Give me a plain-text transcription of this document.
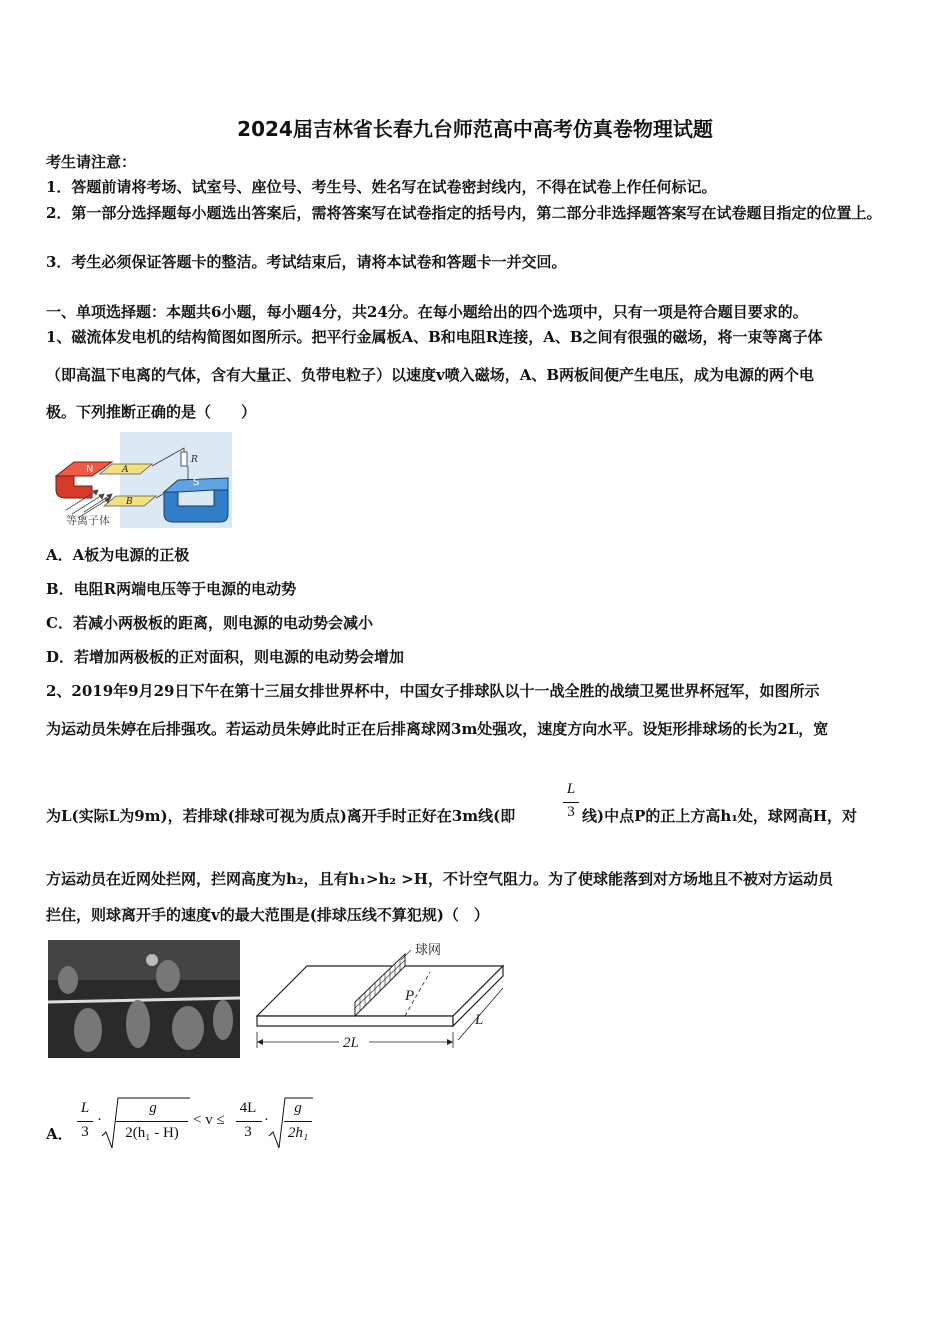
2024届吉林省长春九台师范高中高考仿真卷物理试题
考生请注意：
1．答题前请将考场、试室号、座位号、考生号、姓名写在试卷密封线内，不得在试卷上作任何标记。
2．第一部分选择题每小题选出答案后，需将答案写在试卷指定的括号内，第二部分非选择题答案写在试卷题目指定的位置上。
3．考生必须保证答题卡的整洁。考试结束后，请将本试卷和答题卡一并交回。
一、单项选择题：本题共6小题，每小题4分，共24分。在每小题给出的四个选项中，只有一项是符合题目要求的。
1、磁流体发电机的结构简图如图所示。把平行金属板A、B和电阻R连接，A、B之间有很强的磁场，将一束等离子体
（即高温下电离的气体，含有大量正、负带电粒子）以速度v喷入磁场，A、B两板间便产生电压，成为电源的两个电
极。下列推断正确的是（　　）
N	A
B
R
S
等离子体
A．A板为电源的正极
B．电阻R两端电压等于电源的电动势
C．若减小两极板的距离，则电源的电动势会减小
D．若增加两极板的正对面积，则电源的电动势会增加
2、2019年9月29日下午在第十三届女排世界杯中，中国女子排球队以十一战全胜的战绩卫冕世界杯冠军，如图所示
为运动员朱婷在后排强攻。若运动员朱婷此时正在后排离球网3m处强攻，速度方向水平。设矩形排球场的长为2L，宽
为L(实际L为9m)，若排球(排球可视为质点)离开手时正好在3m线(即
L
3 线)中点P的正上方高h₁处，球网高H，对
方运动员在近网处拦网，拦网高度为h₂，且有h₁>h₂ >H，不计空气阻力。为了使球能落到对方场地且不被对方运动员
拦住，则球离开手的速度v的最大范围是(排球压线不算犯规)（　）
P
球网
2L
L
A．
L
3
·
g
2(h₁ - H)
< v ≤
4L
3
·
g
2h₁
